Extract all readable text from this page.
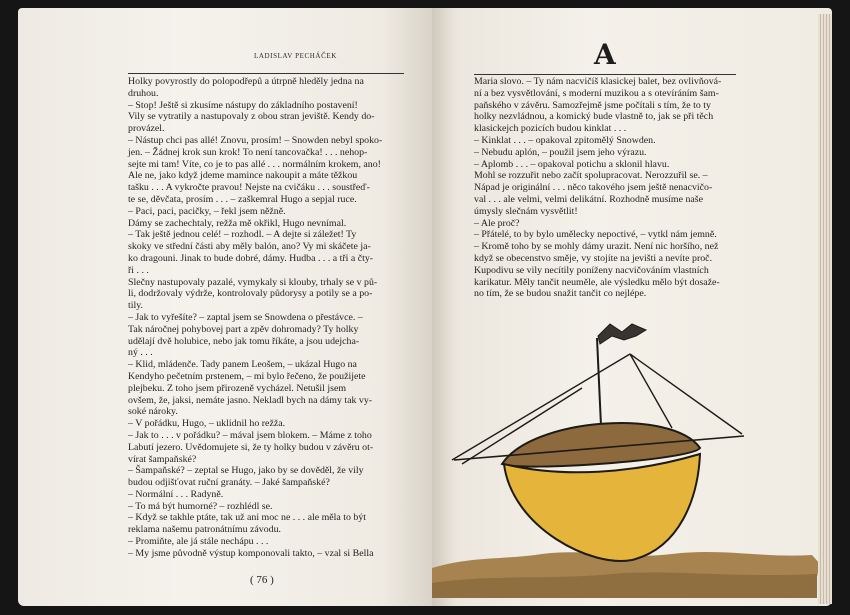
LADISLAV PECHÁČEK
Holky povyrostly do polopodřepů a útrpně hleděly jedna na
druhou.
– Stop! Ještě si zkusíme nástupy do základního postavení!
Vily se vytratily a nastupovaly z obou stran jeviště. Kendy do-
provázel.
– Nástup chci pas allé! Znovu, prosím! – Snowden nebyl spoko-
jen. – Žádnej krok sun krok! To není tancovačka! . . . nehop-
sejte mi tam! Víte, co je to pas allé . . . normálním krokem, ano!
Ale ne, jako když jdeme mamince nakoupit a máte těžkou
tašku . . . A vykročte pravou! Nejste na cvičáku . . . soustřeď-
te se, děvčata, prosím . . . – zaškemral Hugo a sepjal ruce.
– Paci, paci, pacičky, – řekl jsem něžně.
Dámy se zachechtaly, režža mě okřikl, Hugo nevnímal.
– Tak ještě jednou celé! – rozhodl. – A dejte si záležet! Ty
skoky ve střední části aby měly balón, ano? Vy mi skáčete ja-
ko dragouni. Jinak to bude dobré, dámy. Hudba . . . a tři a čty-
ři . . .
Slečny nastupovaly pazalé, vymykaly si klouby, trhaly se v pů-
li, dodržovaly výdrže, kontrolovaly půdorysy a potily se a po-
tily.
– Jak to vyřešíte? – zaptal jsem se Snowdena o přestávce. –
Tak náročnej pohybovej part a zpěv dohromady? Ty holky
udělají dvě holubice, nebo jak tomu říkáte, a jsou udejcha-
ný . . .
– Klid, mládenče. Tady panem Leošem, – ukázal Hugo na
Kendyho pečetním prstenem, – mi bylo řečeno, že použijete
plejbeku. Z toho jsem přirozeně vycházel. Netušil jsem
ovšem, že, jaksi, nemáte jasno. Nekladl bych na dámy tak vy-
soké nároky.
– V pořádku, Hugo, – uklidnil ho režža.
– Jak to . . . v pořádku? – mával jsem blokem. – Máme z toho
Labutí jezero. Uvědomujete si, že ty holky budou v závěru ot-
vírat šampaňské?
– Šampaňské? – zeptal se Hugo, jako by se dověděl, že vily
budou odjišťovat ruční granáty. – Jaké šampaňské?
– Normální . . . Radyně.
– To má být humorné? – rozhlédl se.
– Když se takhle ptáte, tak už ani moc ne . . . ale měla to být
reklama našemu patronátnímu závodu.
– Promiňte, ale já stále nechápu . . .
– My jsme původně výstup komponovali takto, – vzal si Bella
( 76 )
A
Maria slovo. – Ty nám nacvičíš klasickej balet, bez ovlivňová-
ní a bez vysvětlování, s moderní muzikou a s otevíráním šam-
paňského v závěru. Samozřejmě jsme počítali s tím, že to ty
holky nezvládnou, a komický bude vlastně to, jak se při těch
klasickejch pozicích budou kinklat . . .
– Kinklat . . . – opakoval zpitomělý Snowden.
– Nebudu aplón, – použil jsem jeho výrazu.
– Aplomb . . . – opakoval potichu a sklonil hlavu.
Mohl se rozzuřit nebo začít spolupracovat. Nerozzuřil se. –
Nápad je originální . . . něco takového jsem ještě nenacvičo-
val . . . ale velmi, velmi delikátní. Rozhodně musíme naše
úmysly slečnám vysvětlit!
– Ale proč?
– Přátelé, to by bylo umělecky nepoctivé, – vytkl nám jemně.
– Kromě toho by se mohly dámy urazit. Není nic horšího, než
když se obecenstvo směje, vy stojíte na jevišti a nevíte proč.
Kupodivu se vily necítily poníženy nacvičováním vlastních
karikatur. Měly tančit neuměle, ale výsledku mělo být dosaže-
no tím, že se budou snažit tančit co nejlépe.
